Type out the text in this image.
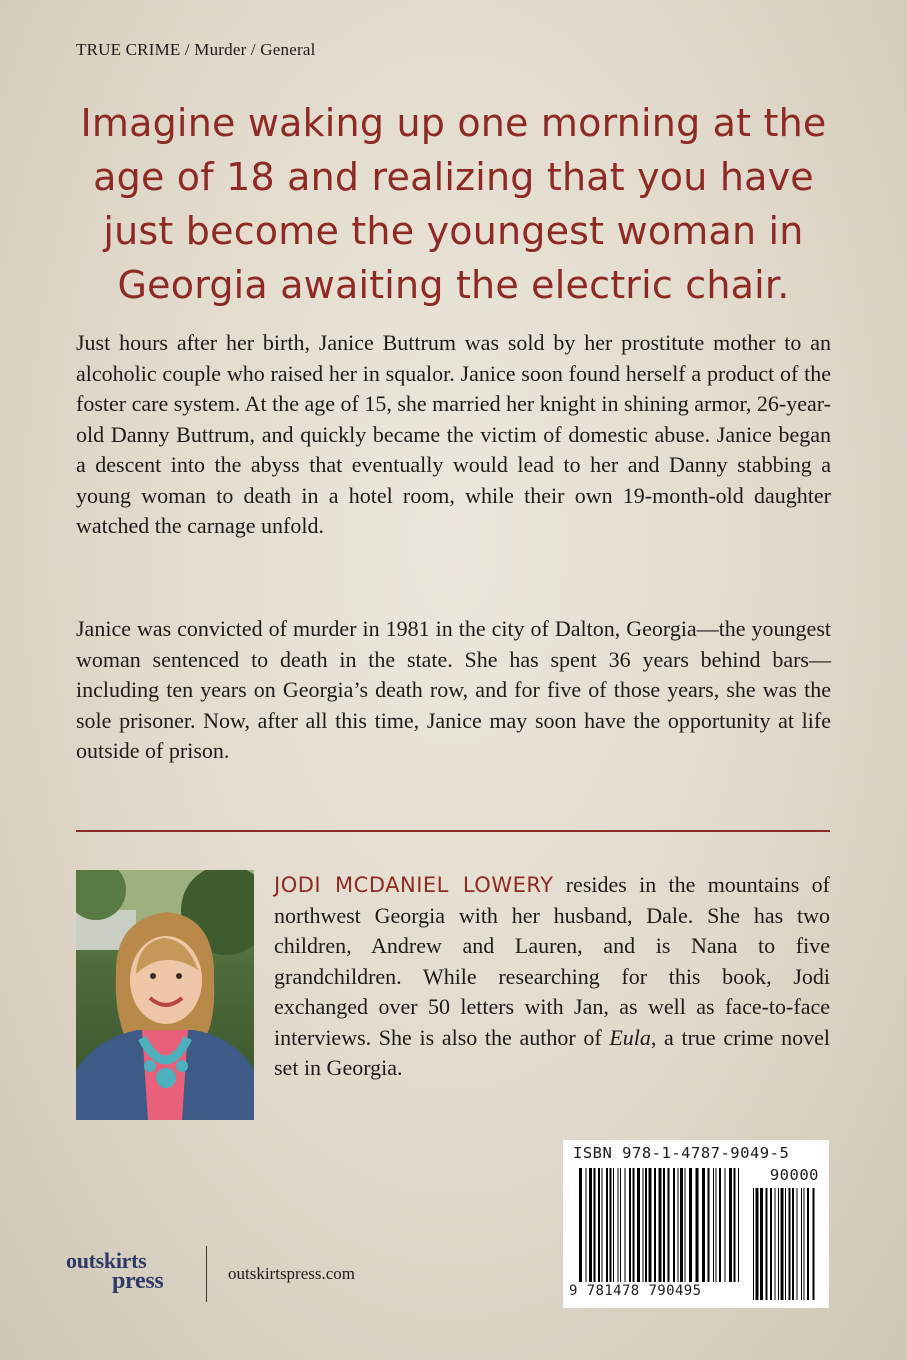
TRUE CRIME / Murder / General
Imagine waking up one morning at the age of 18 and realizing that you have just become the youngest woman in Georgia awaiting the electric chair.

Just hours after her birth, Janice Buttrum was sold by her prostitute mother to an alcoholic couple who raised her in squalor. Janice soon found herself a product of the foster care system. At the age of 15, she married her knight in shining armor, 26-year-old Danny Buttrum, and quickly became the victim of domestic abuse. Janice began a descent into the abyss that eventually would lead to her and Danny stabbing a young woman to death in a hotel room, while their own 19-month-old daughter watched the carnage unfold.

Janice was convicted of murder in 1981 in the city of Dalton, Georgia—the youngest woman sentenced to death in the state. She has spent 36 years behind bars—including ten years on Georgia’s death row, and for five of those years, she was the sole prisoner. Now, after all this time, Janice may soon have the opportunity at life outside of prison.

JODI MCDANIEL LOWERY resides in the mountains of northwest Georgia with her husband, Dale. She has two children, Andrew and Lauren, and is Nana to five grandchildren. While researching for this book, Jodi exchanged over 50 letters with Jan, as well as face-to-face interviews. She is also the author of Eula, a true crime novel set in Georgia.

ISBN 978-1-4787-9049-5
90000
9 781478 790495
outskirts
press	outskirtspress.com
